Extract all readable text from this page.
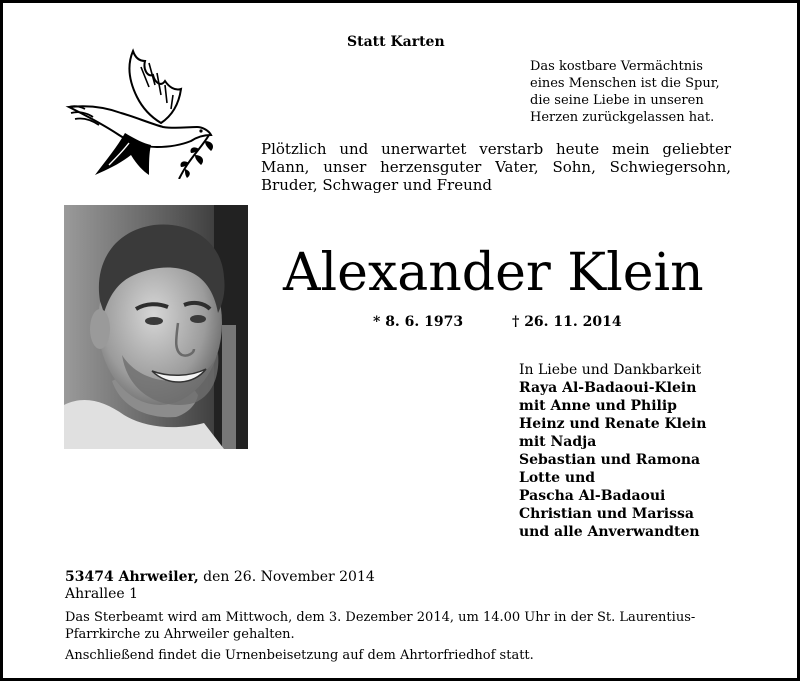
Statt Karten
Das kostbare Vermächtnis
eines Menschen ist die Spur,
die seine Liebe in unseren
Herzen zurückgelassen hat.
Plötzlich und unerwartet verstarb heute mein geliebter
Mann, unser herzensguter Vater, Sohn, Schwiegersohn,
Bruder, Schwager und Freund
Alexander Klein
* 8. 6. 1973	† 26. 11. 2014
In Liebe und Dankbarkeit
Raya Al-Badaoui-Klein
mit Anne und Philip
Heinz und Renate Klein
mit Nadja
Sebastian und Ramona
Lotte und
Pascha Al-Badaoui
Christian und Marissa
und alle Anverwandten
53474 Ahrweiler, den 26. November 2014
Ahrallee 1
Das Sterbeamt wird am Mittwoch, dem 3. Dezember 2014, um 14.00 Uhr in der St. Laurentius-
Pfarrkirche zu Ahrweiler gehalten.
Anschließend findet die Urnenbeisetzung auf dem Ahrtorfriedhof statt.
